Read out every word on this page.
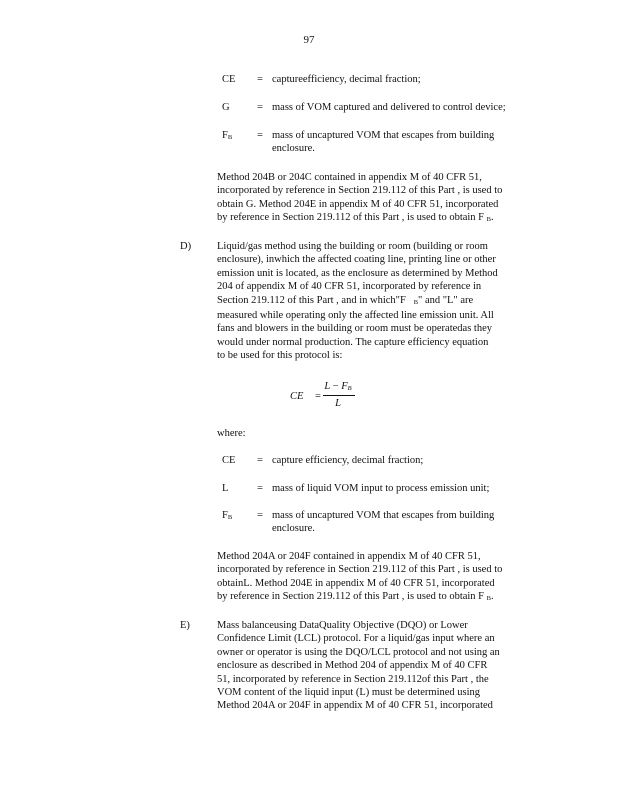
97
CE	= captureefficiency, decimal fraction;
G	= mass of VOM captured and delivered to control device;
FB	= mass of uncaptured VOM that escapes from building
enclosure.
Method 204B or 204C contained in appendix M of 40 CFR 51,
incorporated by reference in Section 219.112 of this Part , is used to
obtain G. Method 204E in appendix M of 40 CFR 51, incorporated
by reference in Section 219.112 of this Part , is used to obtain F B.
D)	Liquid/gas method using the building or room (building or room
enclosure), inwhich the affected coating line, printing line or other
emission unit is located, as the enclosure as determined by Method
204 of appendix M of 40 CFR 51, incorporated by reference in
Section 219.112 of this Part , and in which"F B" and "L" are
measured while operating only the affected line emission unit. All
fans and blowers in the building or room must be operatedas they
would under normal production. The capture efficiency equation
to be used for this protocol is:
CE =
L − FB
L
where:
CE	= capture efficiency, decimal fraction;
L	= mass of liquid VOM input to process emission unit;
FB	= mass of uncaptured VOM that escapes from building
enclosure.
Method 204A or 204F contained in appendix M of 40 CFR 51,
incorporated by reference in Section 219.112 of this Part , is used to
obtainL. Method 204E in appendix M of 40 CFR 51, incorporated
by reference in Section 219.112 of this Part , is used to obtain F B.
E)	Mass balanceusing DataQuality Objective (DQO) or Lower
Confidence Limit (LCL) protocol. For a liquid/gas input where an
owner or operator is using the DQO/LCL protocol and not using an
enclosure as described in Method 204 of appendix M of 40 CFR
51, incorporated by reference in Section 219.112of this Part , the
VOM content of the liquid input (L) must be determined using
Method 204A or 204F in appendix M of 40 CFR 51, incorporated
